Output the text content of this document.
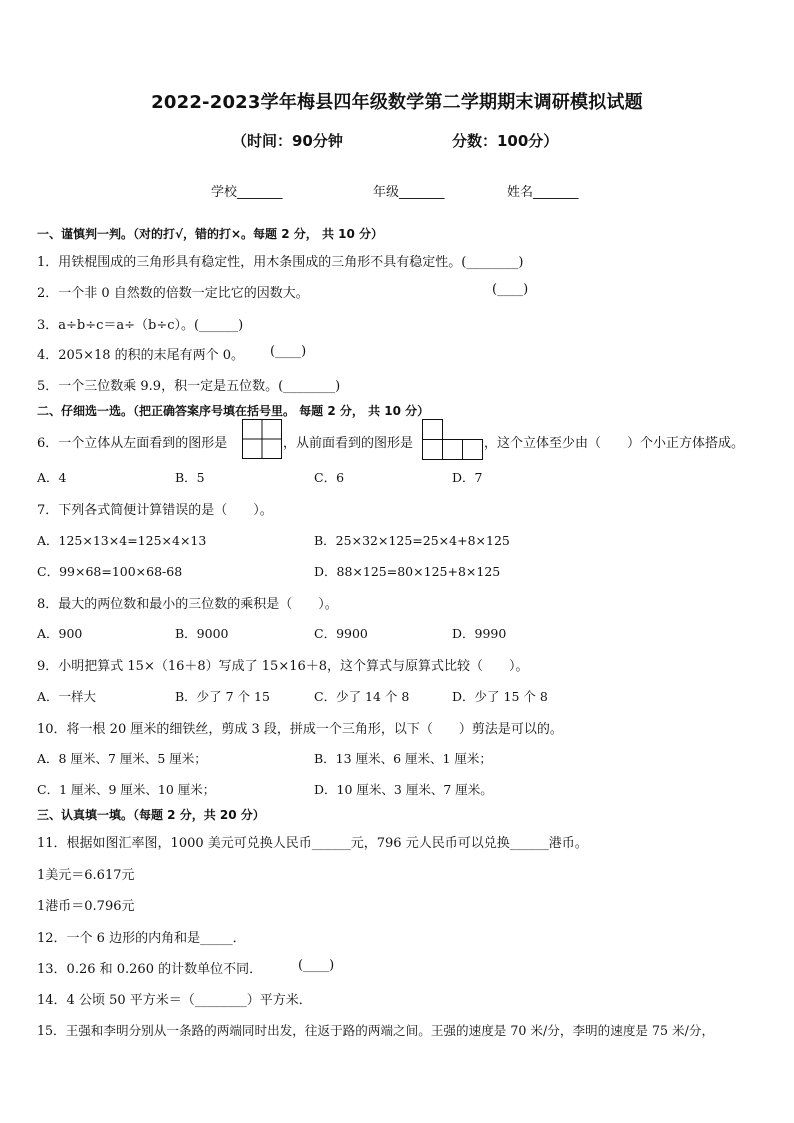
2022-2023学年梅县四年级数学第二学期期末调研模拟试题
（时间：90分钟	分数：100分）
学校_______	年级_______	姓名_______
一、谨慎判一判。（对的打√，错的打×。每题 2 分， 共 10 分）
1．用铁棍围成的三角形具有稳定性，用木条围成的三角形不具有稳定性。(________)
2．一个非 0 自然数的倍数一定比它的因数大。	(____)
3．a÷b÷c＝a÷（b÷c）。(______)
4．205×18 的积的末尾有两个 0。 (____)
5．一个三位数乘 9.9，积一定是五位数。(________)
二、仔细选一选。（把正确答案序号填在括号里。 每题 2 分， 共 10 分）
6．一个立体从左面看到的图形是	，从前面看到的图形是	，这个立体至少由（　　）个小正方体搭成。
A．4	B．5	C．6	D．7
7．下列各式简便计算错误的是（　　）。
A．125×13×4=125×4×13	B．25×32×125=25×4+8×125
C．99×68=100×68-68	D．88×125=80×125+8×125
8．最大的两位数和最小的三位数的乘积是（　　）。
A．900	B．9000	C．9900	D．9990
9．小明把算式 15×（16＋8）写成了 15×16＋8，这个算式与原算式比较（　　）。
A．一样大	B．少了 7 个 15	C．少了 14 个 8	D．少了 15 个 8
10．将一根 20 厘米的细铁丝，剪成 3 段，拼成一个三角形，以下（　　）剪法是可以的。
A．8 厘米、7 厘米、5 厘米；	B．13 厘米、6 厘米、1 厘米；
C．1 厘米、9 厘米、10 厘米；	D．10 厘米、3 厘米、7 厘米。
三、认真填一填。（每题 2 分，共 20 分）
11．根据如图汇率图，1000 美元可兑换人民币______元，796 元人民币可以兑换______港币。
1美元＝6.617元
1港币＝0.796元
12．一个 6 边形的内角和是_____．
13．0.26 和 0.260 的计数单位不同．	(____)
14．4 公顷 50 平方米＝（________）平方米．
15．王强和李明分别从一条路的两端同时出发，往返于路的两端之间。王强的速度是 70 米/分，李明的速度是 75 米/分，
